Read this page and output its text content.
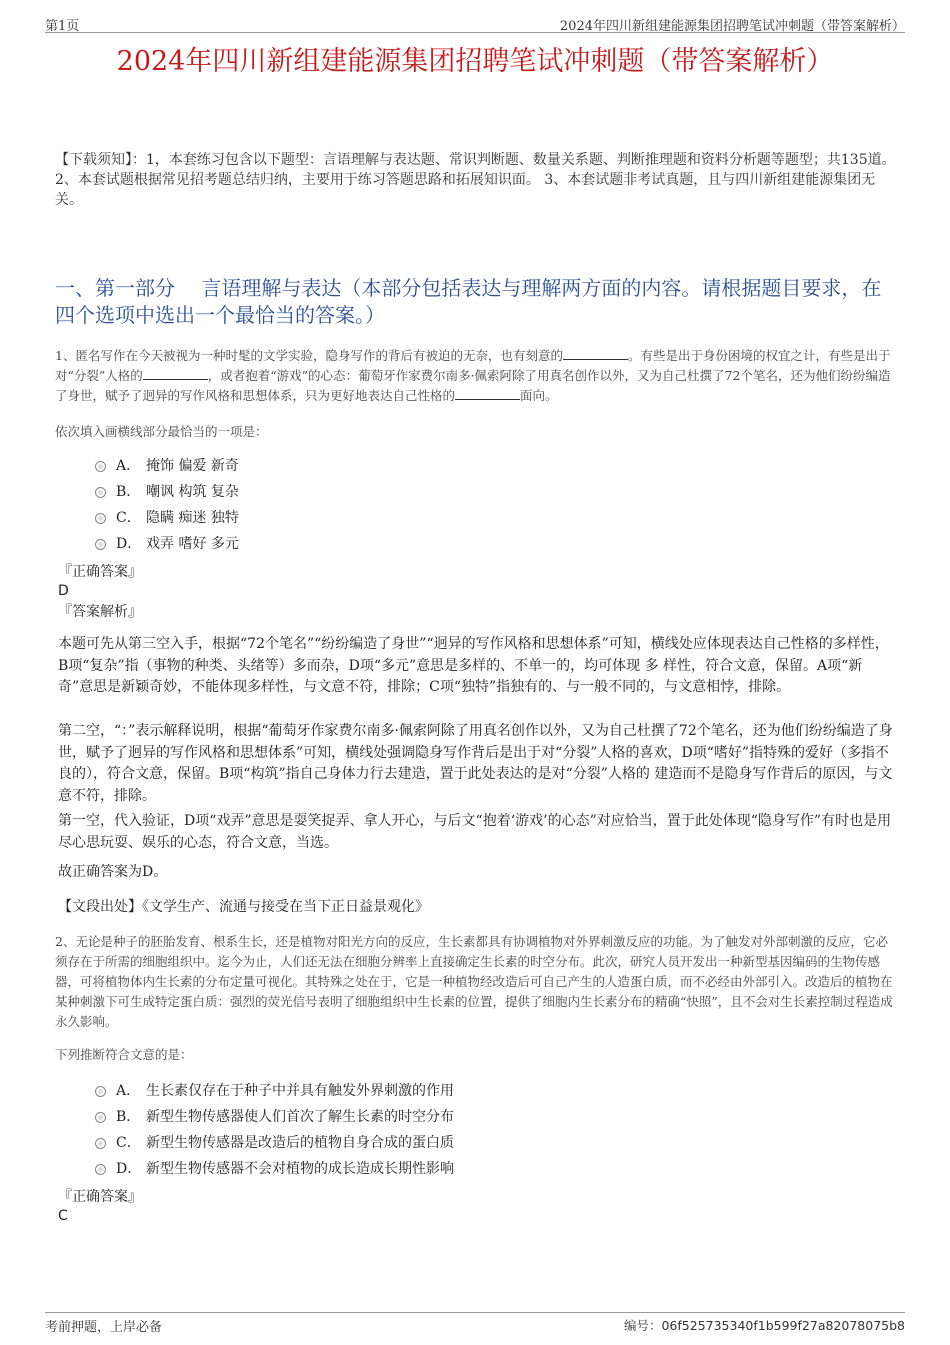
第1页	2024年四川新组建能源集团招聘笔试冲刺题（带答案解析）
2024年四川新组建能源集团招聘笔试冲刺题（带答案解析）
【下载须知】：1，本套练习包含以下题型：言语理解与表达题、常识判断题、数量关系题、判断推理题和资料分析题等题型；共135道。 2、本套试题根据常见招考题总结归纳，主要用于练习答题思路和拓展知识面。 3、本套试题非考试真题，且与四川新组建能源集团无关。
一、第一部分　 言语理解与表达（本部分包括表达与理解两方面的内容。请根据题目要求，在四个选项中选出一个最恰当的答案。）
1、匿名写作在今天被视为一种时髦的文学实验，隐身写作的背后有被迫的无奈，也有刻意的	。有些是出于身份困境的权宜之计，有些是出于对“分裂”人格的	，或者抱着“游戏”的心态：葡萄牙作家费尔南多·佩索阿除了用真名创作以外，又为自己杜撰了72个笔名，还为他们纷纷编造了身世，赋予了迥异的写作风格和思想体系，只为更好地表达自己性格的	面向。
依次填入画横线部分最恰当的一项是：
A． 掩饰 偏爱 新奇
B． 嘲讽 构筑 复杂
C． 隐瞒 痴迷 独特
D． 戏弄 嗜好 多元
『正确答案』
D
『答案解析』
本题可先从第三空入手，根据“72个笔名”“纷纷编造了身世”“迥异的写作风格和思想体系”可知，横线处应体现表达自己性格的多样性，B项“复杂”指（事物的种类、头绪等）多而杂，D项“多元”意思是多样的、不单一的，均可体现 多 样性，符合文意，保留。A项“新奇”意思是新颖奇妙，不能体现多样性，与文意不符，排除；C项“独特”指独有的、与一般不同的，与文意相悖，排除。
第二空，“：”表示解释说明，根据“葡萄牙作家费尔南多·佩索阿除了用真名创作以外，又为自己杜撰了72个笔名，还为他们纷纷编造了身世，赋予了迥异的写作风格和思想体系”可知，横线处强调隐身写作背后是出于对“分裂”人格的喜欢，D项“嗜好”指特殊的爱好（多指不良的），符合文意，保留。B项“构筑”指自己身体力行去建造，置于此处表达的是对“分裂”人格的 建造而不是隐身写作背后的原因，与文意不符，排除。
第一空，代入验证，D项“戏弄”意思是耍笑捉弄、拿人开心，与后文“抱着‘游戏’的心态”对应恰当，置于此处体现“隐身写作”有时也是用尽心思玩耍、娱乐的心态，符合文意，当选。
故正确答案为D。
【文段出处】《文学生产、流通与接受在当下正日益景观化》
2、无论是种子的胚胎发育、根系生长，还是植物对阳光方向的反应，生长素都具有协调植物对外界刺激反应的功能。为了触发对外部刺激的反应，它必须存在于所需的细胞组织中。迄今为止，人们还无法在细胞分辨率上直接确定生长素的时空分布。此次，研究人员开发出一种新型基因编码的生物传感器，可将植物体内生长素的分布定量可视化。其特殊之处在于，它是一种植物经改造后可自己产生的人造蛋白质，而不必经由外部引入。改造后的植物在某种刺激下可生成特定蛋白质：强烈的荧光信号表明了细胞组织中生长素的位置，提供了细胞内生长素分布的精确“快照”，且不会对生长素控制过程造成永久影响。
下列推断符合文意的是：
A． 生长素仅存在于种子中并具有触发外界刺激的作用
B． 新型生物传感器使人们首次了解生长素的时空分布
C． 新型生物传感器是改造后的植物自身合成的蛋白质
D． 新型生物传感器不会对植物的成长造成长期性影响
『正确答案』
C
考前押题，上岸必备	编号：06f525735340f1b599f27a82078075b8
